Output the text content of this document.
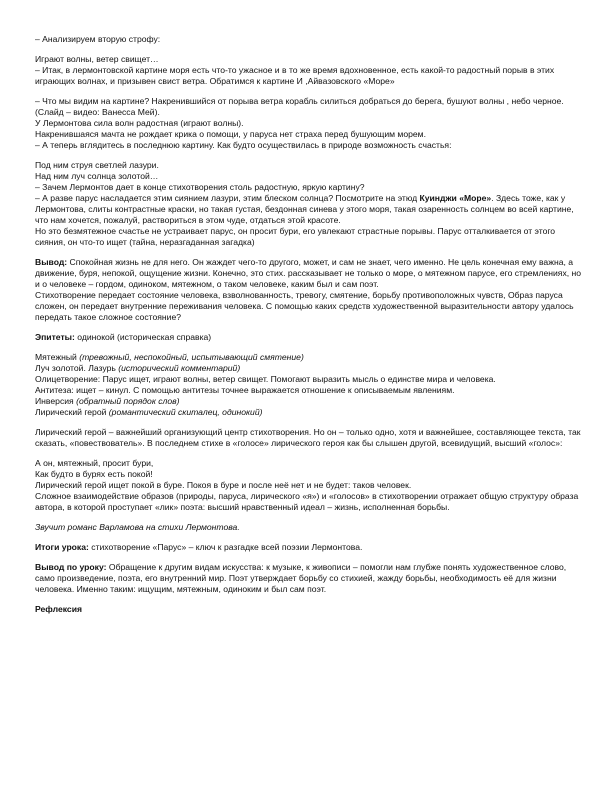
– Анализируем вторую строфу:

Играют волны, ветер свищет…

– Итак, в лермонтовской картине моря есть что-то ужасное и в то же время вдохновенное, есть какой-то радостный порыв в этих играющих волнах, и призывен свист ветра. Обратимся к картине И ,Айвазовского «Море»

– Что мы видим на картине? Накренившийся от порыва ветра корабль силиться добраться до берега, бушуют волны , небо черное. (Слайд – видео: Ванесса Мей).

У Лермонтова сила волн радостная (играют волны).

Накренившаяся мачта не рождает крика о помощи, у паруса нет страха перед бушующим морем.

– А теперь вглядитесь в последнюю картину. Как будто осуществилась в природе возможность счастья:

Под ним струя светлей лазури.

Над ним луч солнца золотой…

– Зачем Лермонтов дает в конце стихотворения столь радостную, яркую картину?

– А разве парус насладается этим сиянием лазури, этим блеском солнца? Посмотрите на этюд Куинджи «Море». Здесь тоже, как у Лермонтова, слиты контрастные краски, но такая густая, бездонная синева у этого моря, такая озаренность солнцем во всей картине, что нам хочется, пожалуй, раствориться в этом чуде, отдаться этой красоте.

Но это безмятежное счастье не устраивает парус, он просит бури, его увлекают страстные порывы. Парус отталкивается от этого сияния, он что-то ищет (тайна, неразгаданная загадка)

Вывод: Спокойная жизнь не для него. Он жаждет чего-то другого, может, и сам не знает, чего именно. Не цель конечная ему важна, а движение, буря, непокой, ощущение жизни. Конечно, это стих. рассказывает не только о море, о мятежном парусе, его стремлениях, но и о человеке – гордом, одиноком, мятежном, о таком человеке, каким был и сам поэт.

Стихотворение передает состояние человека, взволнованность, тревогу, смятение, борьбу противоположных чувств, Образ паруса сложен, он передает внутренние переживания человека. С помощью каких средств художественной выразительности автору удалось передать такое сложное состояние?

Эпитеты: одинокой (историческая справка)

Мятежный (тревожный, неспокойный, испытывающий смятение)

Луч золотой. Лазурь (исторический комментарий)

Олицетворение: Парус ищет, играют волны, ветер свищет. Помогают выразить мысль о единстве мира и человека.

Антитеза: ищет – кинул. С помощью антитезы точнее выражается отношение к описываемым явлениям.

Инверсия (обратный порядок слов)

Лирический герой (романтический скиталец, одинокий)

Лирический герой – важнейший организующий центр стихотворения. Но он – только одно, хотя и важнейшее, составляющее текста, так сказать, «повествователь». В последнем стихе в «голосе» лирического героя как бы слышен другой, всевидущий, высший «голос»:

А он, мятежный, просит бури,

Как будто в бурях есть покой!

Лирический герой ищет покой в буре. Покоя в буре и после неё нет и не будет: таков человек.

Сложное взаимодействие образов (природы, паруса, лирического «я») и «голосов» в стихотворении отражает общую структуру образа автора, в которой проступает «лик» поэта: высший нравственный идеал – жизнь, исполненная борьбы.

Звучит романс Варламова на стихи Лермонтова.

Итоги урока: стихотворение «Парус» – ключ к разгадке всей поэзии Лермонтова.

Вывод по уроку: Обращение к другим видам искусства: к музыке, к живописи – помогли нам глубже понять художественное слово, само произведение, поэта, его внутренний мир. Поэт утверждает борьбу со стихией, жажду борьбы, необходимость её для жизни человека. Именно таким: ищущим, мятежным, одиноким и был сам поэт.

Рефлексия
